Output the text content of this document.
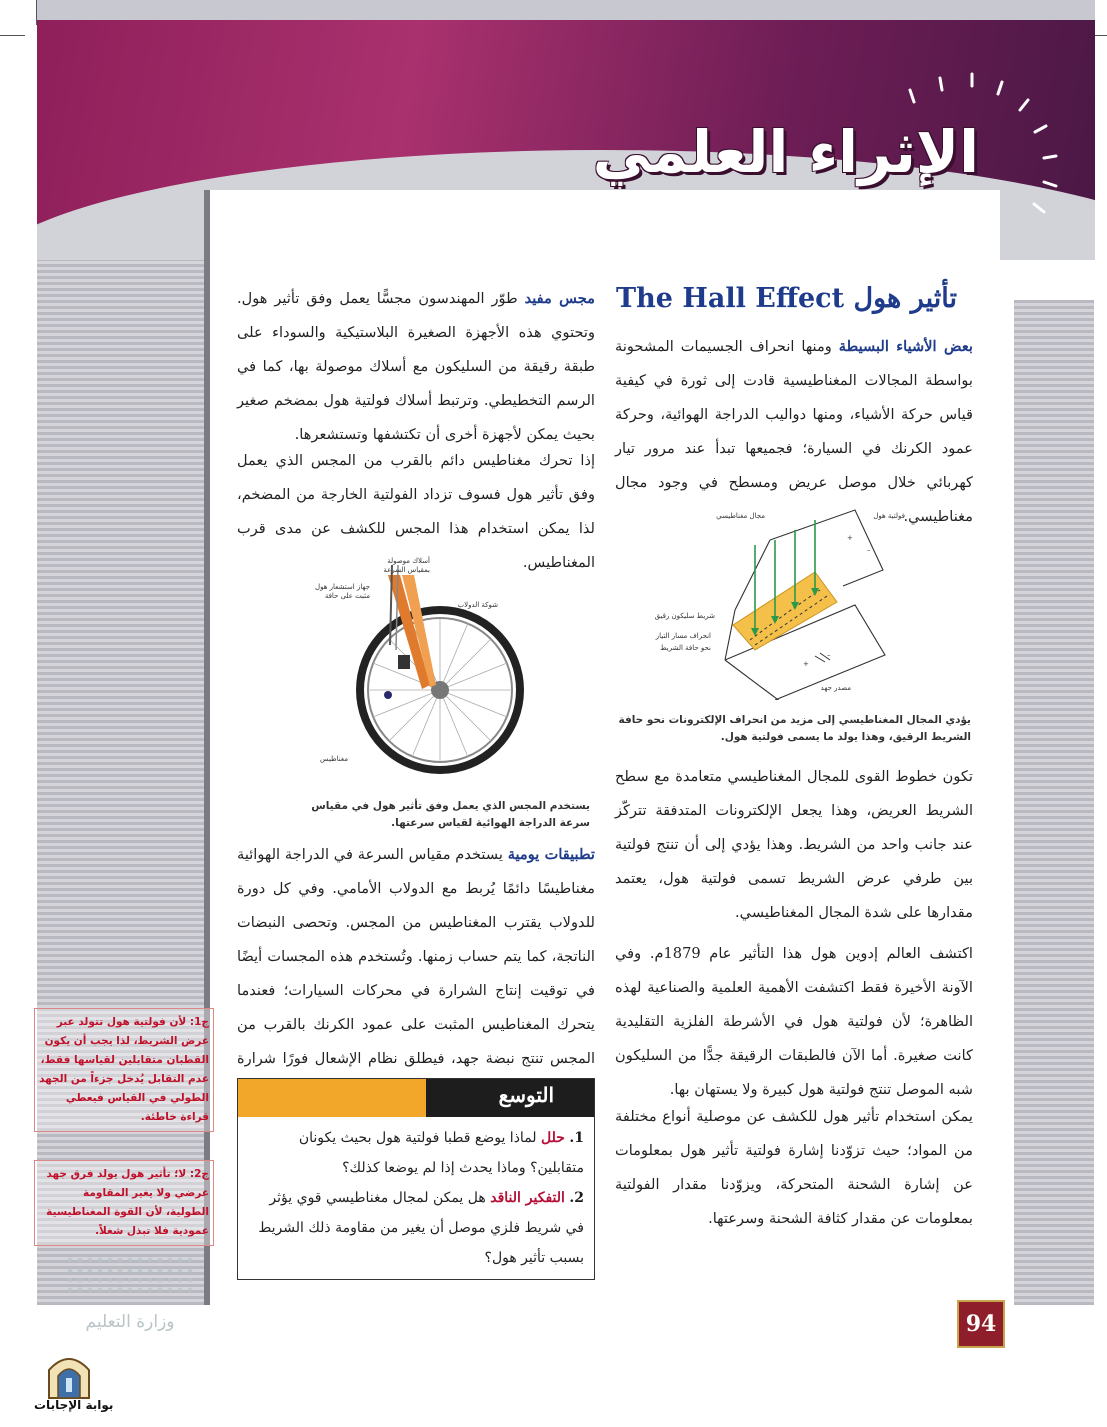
الإثراء العلمي
تأثير هول The Hall Effect
بعض الأشياء البسيطة ومنها انحراف الجسيمات المشحونة بواسطة المجالات المغناطيسية قادت إلى ثورة في كيفية قياس حركة الأشياء، ومنها دواليب الدراجة الهوائية، وحركة عمود الكرنك في السيارة؛ فجميعها تبدأ عند مرور تيار كهربائي خلال موصل عريض ومسطح في وجود مجال مغناطيسي.
+
–
+
–
فولتية هول
مجال مغناطيسي
شريط سليكون رقيق
انحراف مسار التيار
نحو حافة الشريط
مصدر جهد
يؤدي المجال المغناطيسي إلى مزيد من انحراف الإلكترونات نحو حافة الشريط الرقيق، وهذا يولد ما يسمى فولتية هول.
تكون خطوط القوى للمجال المغناطيسي متعامدة مع سطح الشريط العريض، وهذا يجعل الإلكترونات المتدفقة تتركّز عند جانب واحد من الشريط. وهذا يؤدي إلى أن تنتج فولتية بين طرفي عرض الشريط تسمى فولتية هول، يعتمد مقدارها على شدة المجال المغناطيسي.
اكتشف العالم إدوين هول هذا التأثير عام 1879م. وفي الآونة الأخيرة فقط اكتشفت الأهمية العلمية والصناعية لهذه الظاهرة؛ لأن فولتية هول في الأشرطة الفلزية التقليدية كانت صغيرة. أما الآن فالطبقات الرقيقة جدًّا من السليكون شبه الموصل تنتج فولتية هول كبيرة ولا يستهان بها.
يمكن استخدام تأثير هول للكشف عن موصلية أنواع مختلفة من المواد؛ حيث تزوّدنا إشارة فولتية تأثير هول بمعلومات عن إشارة الشحنة المتحركة، ويزوّدنا مقدار الفولتية بمعلومات عن مقدار كثافة الشحنة وسرعتها.
مجس مفيد طوّر المهندسون مجسًّا يعمل وفق تأثير هول. وتحتوي هذه الأجهزة الصغيرة البلاستيكية والسوداء على طبقة رقيقة من السليكون مع أسلاك موصولة بها، كما في الرسم التخطيطي. وترتبط أسلاك فولتية هول بمضخم صغير بحيث يمكن لأجهزة أخرى أن تكتشفها وتستشعرها.
إذا تحرك مغناطيس دائم بالقرب من المجس الذي يعمل وفق تأثير هول فسوف تزداد الفولتية الخارجة من المضخم، لذا يمكن استخدام هذا المجس للكشف عن مدى قرب المغناطيس.
أسلاك موصولة
بمقياس السرعة
جهاز استشعار هول
مثبت على حافة
شوكة الدولاب
مغناطيس
يستخدم المجس الذي يعمل وفق تأثير هول في مقياس سرعة الدراجة الهوائية لقياس سرعتها.
تطبيقات يومية يستخدم مقياس السرعة في الدراجة الهوائية مغناطيسًا دائمًا يُربط مع الدولاب الأمامي. وفي كل دورة للدولاب يقترب المغناطيس من المجس. وتحصى النبضات الناتجة، كما يتم حساب زمنها. وتُستخدم هذه المجسات أيضًا في توقيت إنتاج الشرارة في محركات السيارات؛ فعندما يتحرك المغناطيس المثبت على عمود الكرنك بالقرب من المجس تنتج نبضة جهد، فيطلق نظام الإشعال فورًا شرارة
التوسع
1. حلل لماذا يوضع قطبا فولتية هول بحيث يكونان متقابلين؟ وماذا يحدث إذا لم يوضعا كذلك؟
2. التفكير الناقد هل يمكن لمجال مغناطيسي قوي يؤثر في شريط فلزي موصل أن يغير من مقاومة ذلك الشريط بسبب تأثير هول؟
ج1: لأن فولتية هول تتولد عبر عرض الشريط، لذا يجب أن يكون القطبان متقابلين لقياسها فقط، عدم التقابل يُدخل جزءاً من الجهد الطولي في القياس فيعطي قراءة خاطئة.
ج2: لا؛ تأثير هول يولد فرق جهد عرضي ولا يغير المقاومة الطولية، لأن القوة المغناطيسية عمودية فلا تبذل شغلاً.
وزارة التعليم	94
بوابة الإجابات
